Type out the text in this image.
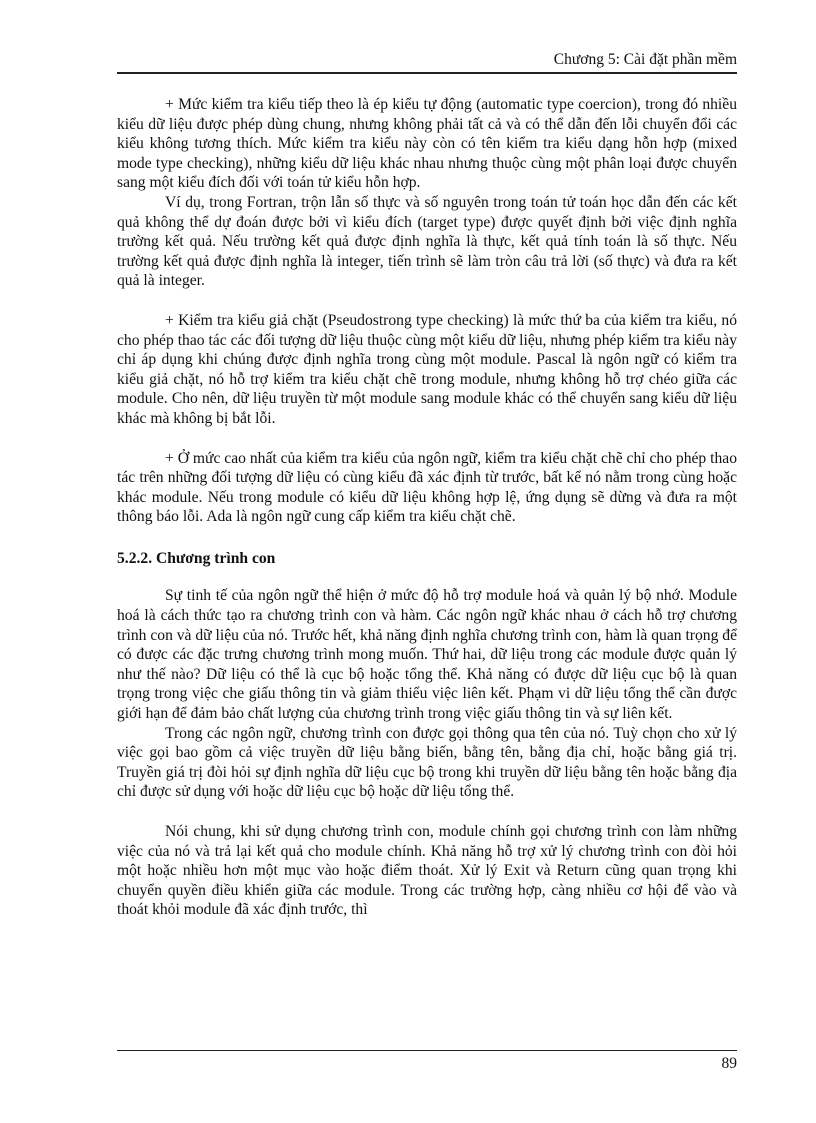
Chương 5: Cài đặt phần mềm

+ Mức kiểm tra kiểu tiếp theo là ép kiểu tự động (automatic type coercion), trong đó nhiều kiểu dữ liệu được phép dùng chung, nhưng không phải tất cả và có thể dẫn đến lỗi chuyển đổi các kiểu không tương thích. Mức kiểm tra kiểu này còn có tên kiểm tra kiểu dạng hỗn hợp (mixed mode type checking), những kiểu dữ liệu khác nhau nhưng thuộc cùng một phân loại được chuyển sang một kiểu đích đối với toán tử kiểu hỗn hợp.

Ví dụ, trong Fortran, trộn lẫn số thực và số nguyên trong toán tử toán học dẫn đến các kết quả không thể dự đoán được bởi vì kiểu đích (target type) được quyết định bởi việc định nghĩa trường kết quả. Nếu trường kết quả được định nghĩa là thực, kết quả tính toán là số thực. Nếu trường kết quả được định nghĩa là integer, tiến trình sẽ làm tròn câu trả lời (số thực) và đưa ra kết quả là integer.

+ Kiểm tra kiểu giả chặt (Pseudostrong type checking) là mức thứ ba của kiểm tra kiểu, nó cho phép thao tác các đối tượng dữ liệu thuộc cùng một kiểu dữ liệu, nhưng phép kiểm tra kiểu này chỉ áp dụng khi chúng được định nghĩa trong cùng một module. Pascal là ngôn ngữ có kiểm tra kiểu giả chặt, nó hỗ trợ kiểm tra kiểu chặt chẽ trong module, nhưng không hỗ trợ chéo giữa các module. Cho nên, dữ liệu truyền từ một module sang module khác có thể chuyển sang kiểu dữ liệu khác mà không bị bắt lỗi.

+ Ở mức cao nhất của kiểm tra kiểu của ngôn ngữ, kiểm tra kiểu chặt chẽ chỉ cho phép thao tác trên những đối tượng dữ liệu có cùng kiểu đã xác định từ trước, bất kể nó nằm trong cùng hoặc khác module. Nếu trong module có kiểu dữ liệu không hợp lệ, ứng dụng sẽ dừng và đưa ra một thông báo lỗi. Ada là ngôn ngữ cung cấp kiểm tra kiểu chặt chẽ.

5.2.2. Chương trình con

Sự tinh tế của ngôn ngữ thể hiện ở mức độ hỗ trợ module hoá và quản lý bộ nhớ. Module hoá là cách thức tạo ra chương trình con và hàm. Các ngôn ngữ khác nhau ở cách hỗ trợ chương trình con và dữ liệu của nó. Trước hết, khả năng định nghĩa chương trình con, hàm là quan trọng để có được các đặc trưng chương trình mong muốn. Thứ hai, dữ liệu trong các module được quản lý như thế nào? Dữ liệu có thể là cục bộ hoặc tổng thể. Khả năng có được dữ liệu cục bộ là quan trọng trong việc che giấu thông tin và giảm thiểu việc liên kết. Phạm vi dữ liệu tổng thể cần được giới hạn để đảm bảo chất lượng của chương trình trong việc giấu thông tin và sự liên kết.

Trong các ngôn ngữ, chương trình con được gọi thông qua tên của nó. Tuỳ chọn cho xử lý việc gọi bao gồm cả việc truyền dữ liệu bằng biến, bằng tên, bằng địa chỉ, hoặc bằng giá trị. Truyền giá trị đòi hỏi sự định nghĩa dữ liệu cục bộ trong khi truyền dữ liệu bằng tên hoặc bằng địa chỉ được sử dụng với hoặc dữ liệu cục bộ hoặc dữ liệu tổng thể.

Nói chung, khi sử dụng chương trình con, module chính gọi chương trình con làm những việc của nó và trả lại kết quả cho module chính. Khả năng hỗ trợ xử lý chương trình con đòi hỏi một hoặc nhiều hơn một mục vào hoặc điểm thoát. Xử lý Exit và Return cũng quan trọng khi chuyển quyền điều khiển giữa các module. Trong các trường hợp, càng nhiều cơ hội để vào và thoát khỏi module đã xác định trước, thì

89
